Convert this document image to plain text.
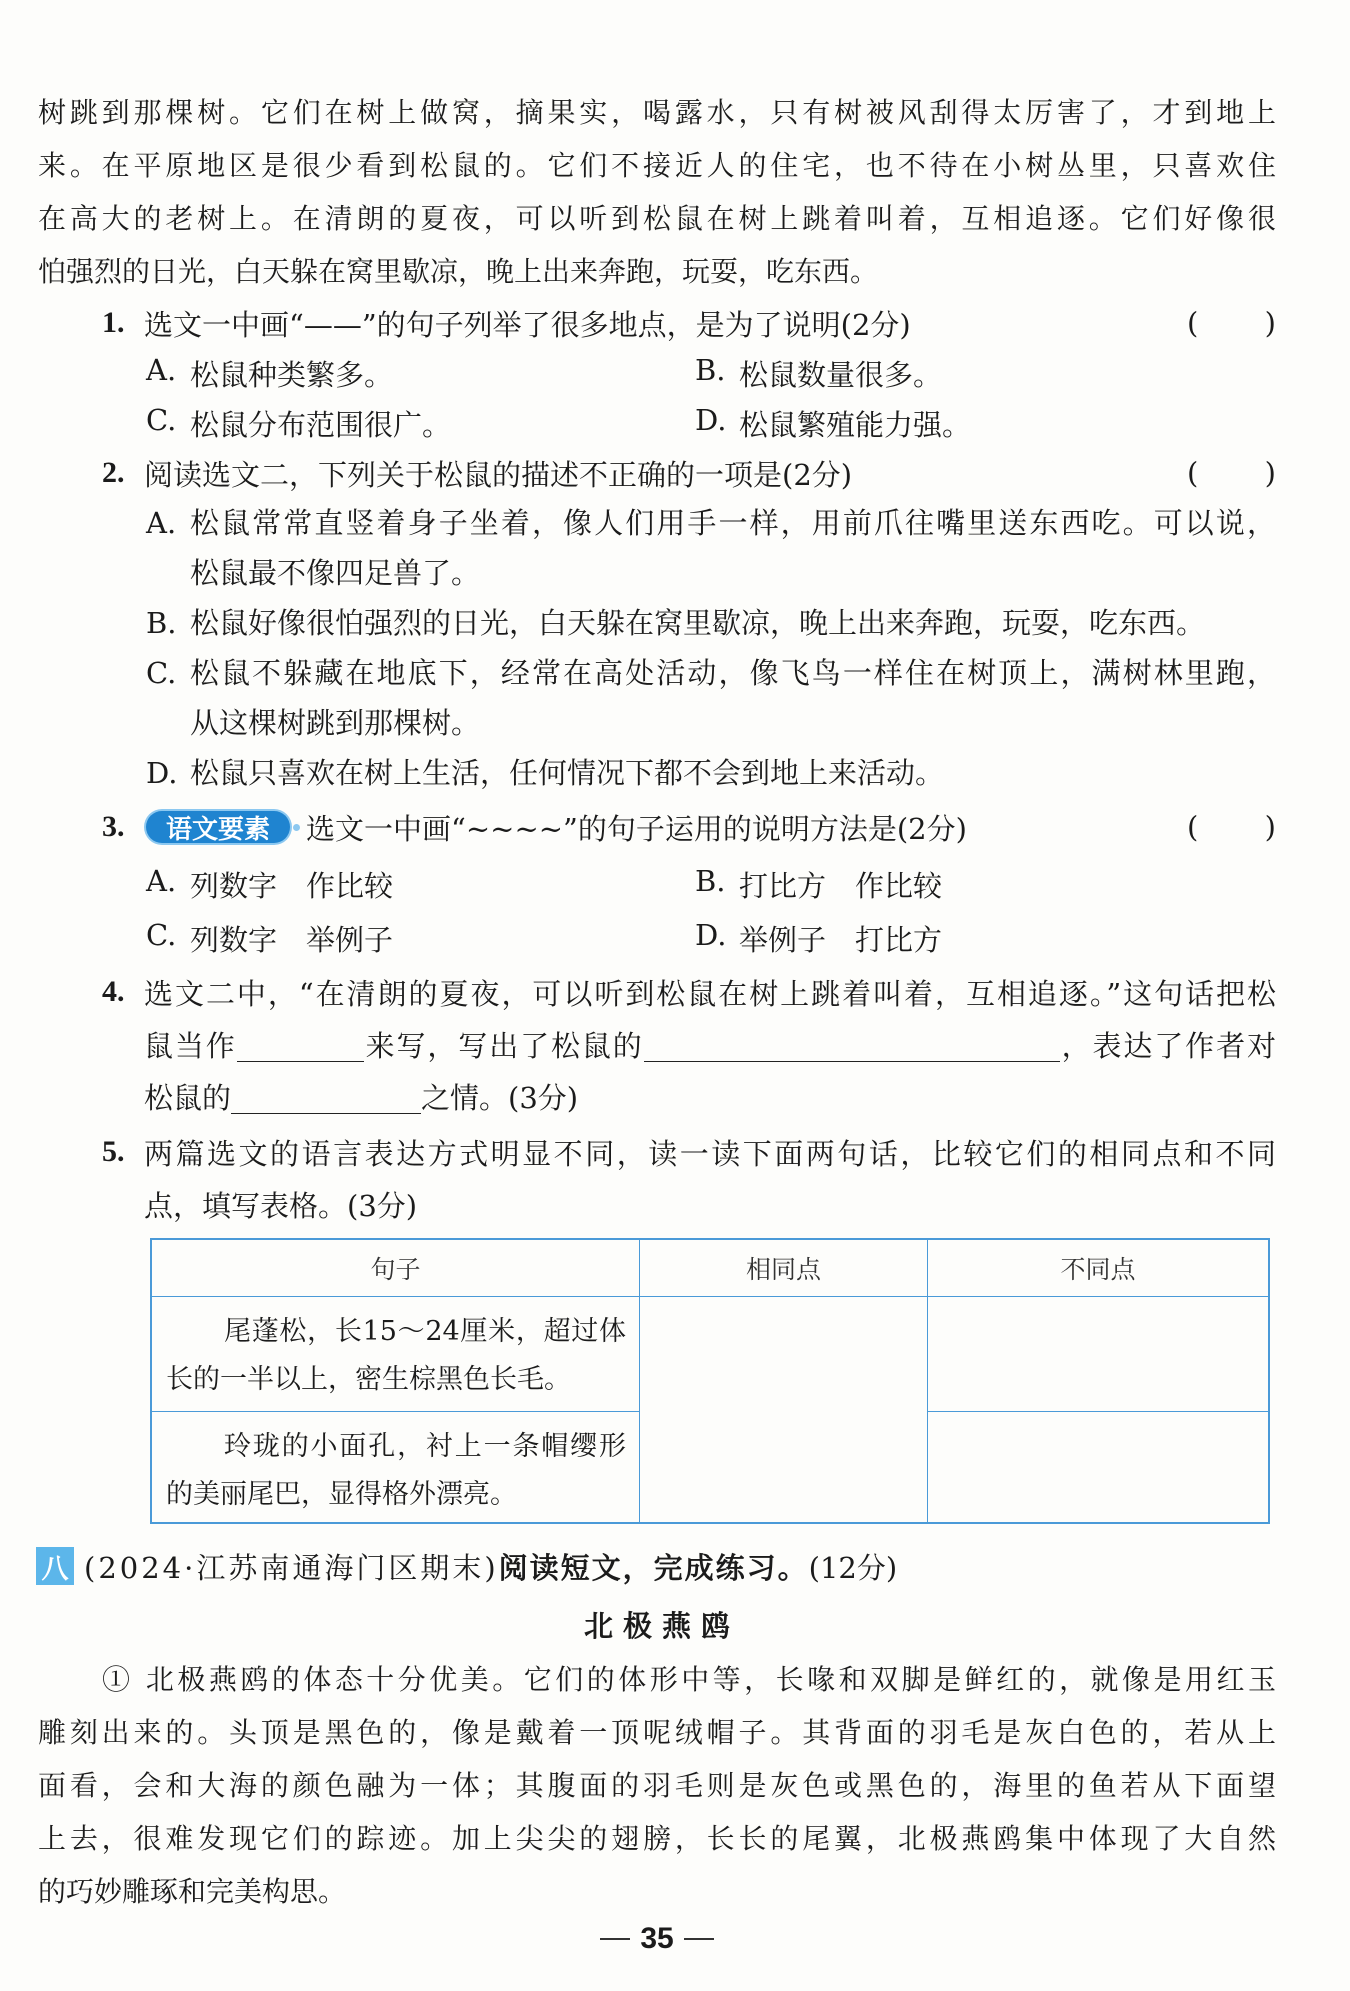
树跳到那棵树。它们在树上做窝，摘果实，喝露水，只有树被风刮得太厉害了，才到地上
来。在平原地区是很少看到松鼠的。它们不接近人的住宅，也不待在小树丛里，只喜欢住
在高大的老树上。在清朗的夏夜，可以听到松鼠在树上跳着叫着，互相追逐。它们好像很
怕强烈的日光，白天躲在窝里歇凉，晚上出来奔跑，玩耍，吃东西。
1. 选文一中画“——”的句子列举了很多地点，是为了说明(2分)	( )
A. 松鼠种类繁多。	B. 松鼠数量很多。
C. 松鼠分布范围很广。	D. 松鼠繁殖能力强。
2. 阅读选文二，下列关于松鼠的描述不正确的一项是(2分)	( )
A. 松鼠常常直竖着身子坐着，像人们用手一样，用前爪往嘴里送东西吃。可以说，
松鼠最不像四足兽了。
B. 松鼠好像很怕强烈的日光，白天躲在窝里歇凉，晚上出来奔跑，玩耍，吃东西。
C. 松鼠不躲藏在地底下，经常在高处活动，像飞鸟一样住在树顶上，满树林里跑，
从这棵树跳到那棵树。
D. 松鼠只喜欢在树上生活，任何情况下都不会到地上来活动。
3.	语文要素	选文一中画“~~~~”的句子运用的说明方法是(2分)	( )
A. 列数字　作比较	B. 打比方　作比较
C. 列数字　举例子	D. 举例子　打比方
4. 选文二中，“在清朗的夏夜，可以听到松鼠在树上跳着叫着，互相追逐。”这句话把松
鼠当作	来写，写出了松鼠的	，表达了作者对
松鼠的	之情。(3分)
5. 两篇选文的语言表达方式明显不同，读一读下面两句话，比较它们的相同点和不同
点，填写表格。(3分)
句子	相同点	不同点
尾蓬松，长15～24厘米，超过体
长的一半以上，密生棕黑色长毛。
玲珑的小面孔，衬上一条帽缨形
的美丽尾巴，显得格外漂亮。
八 (2024·江苏南通海门区期末) 阅读短文，完成练习。 (12分)
北极燕鸥
① 北极燕鸥的体态十分优美。它们的体形中等，长喙和双脚是鲜红的，就像是用红玉
雕刻出来的。头顶是黑色的，像是戴着一顶呢绒帽子。其背面的羽毛是灰白色的，若从上
面看，会和大海的颜色融为一体；其腹面的羽毛则是灰色或黑色的，海里的鱼若从下面望
上去，很难发现它们的踪迹。加上尖尖的翅膀，长长的尾翼，北极燕鸥集中体现了大自然
的巧妙雕琢和完美构思。
35
